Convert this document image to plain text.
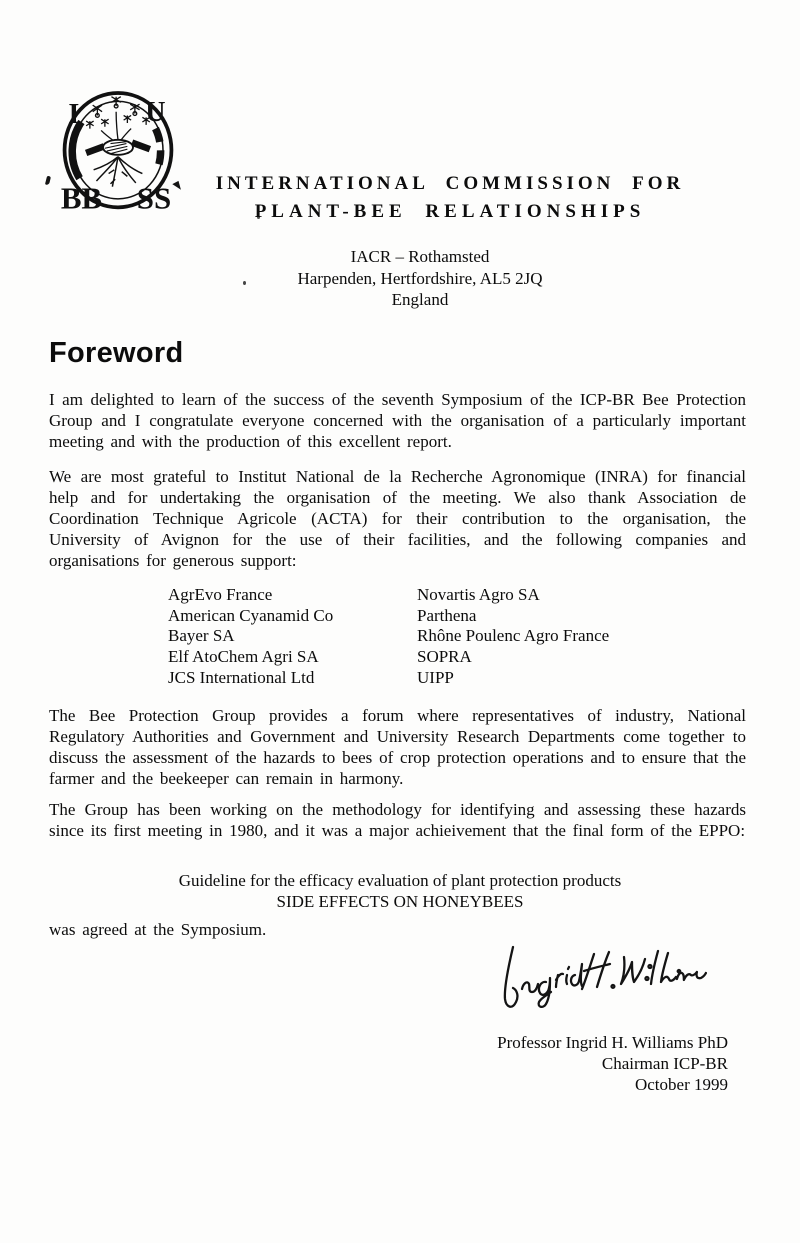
I U
BB SS	INTERNATIONAL COMMISSION FOR
PLANT-BEE RELATIONSHIPS
IACR – Rothamsted
Harpenden, Hertfordshire, AL5 2JQ
England
Foreword

I am delighted to learn of the success of the seventh Symposium of the ICP-BR Bee Protection Group and I congratulate everyone concerned with the organisation of a particularly important meeting and with the production of this excellent report.

We are most grateful to Institut National de la Recherche Agronomique (INRA) for financial help and for undertaking the organisation of the meeting. We also thank Association de Coordination Technique Agricole (ACTA) for their contribution to the organisation, the University of Avignon for the use of their facilities, and the following companies and organisations for generous support:

AgrEvo France
American Cyanamid Co
Bayer SA
Elf AtoChem Agri SA
JCS International Ltd
Novartis Agro SA
Parthena
Rhône Poulenc Agro France
SOPRA
UIPP

The Bee Protection Group provides a forum where representatives of industry, National Regulatory Authorities and Government and University Research Departments come together to discuss the assessment of the hazards to bees of crop protection operations and to ensure that the farmer and the beekeeper can remain in harmony.

The Group has been working on the methodology for identifying and assessing these hazards since its first meeting in 1980, and it was a major achieivement that the final form of the EPPO:

Guideline for the efficacy evaluation of plant protection products
SIDE EFFECTS ON HONEYBEES

was agreed at the Symposium.

Professor Ingrid H. Williams PhD
Chairman ICP-BR
October 1999
